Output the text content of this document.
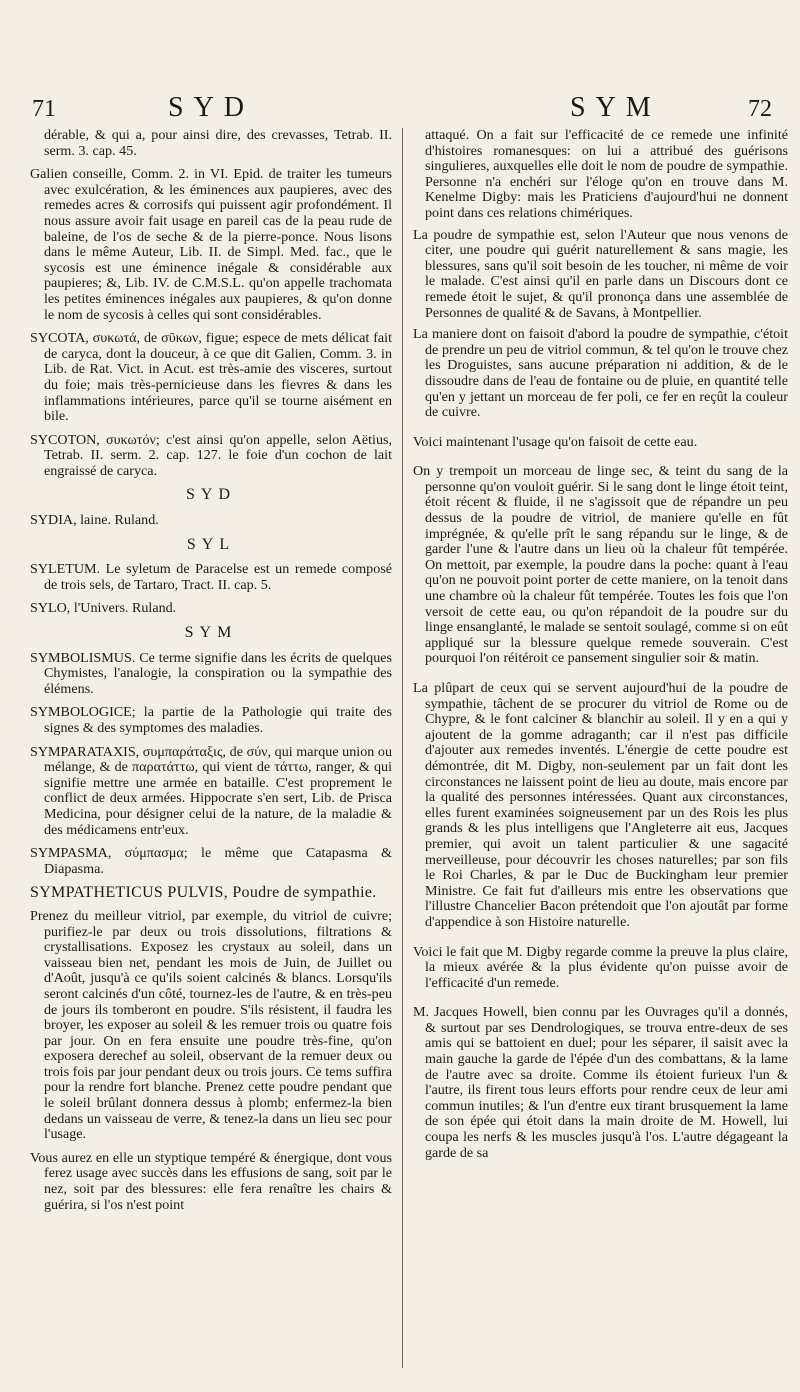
71	SYD	SYM	72

dérable, & qui a, pour ainsi dire, des crevasses, Tetrab. II. serm. 3. cap. 45.

Galien conseille, Comm. 2. in VI. Epid. de traiter les tumeurs avec exulcération, & les éminences aux paupieres, avec des remedes acres & corrosifs qui puissent agir profondément. Il nous assure avoir fait usage en pareil cas de la peau rude de baleine, de l'os de seche & de la pierre-ponce. Nous lisons dans le même Auteur, Lib. II. de Simpl. Med. fac., que le sycosis est une éminence inégale & considérable aux paupieres; &, Lib. IV. de C.M.S.L. qu'on appelle trachomata les petites éminences inégales aux paupieres, & qu'on donne le nom de sycosis à celles qui sont considérables.

SYCOTA, συκωτά, de σῦκων, figue; espece de mets délicat fait de caryca, dont la douceur, à ce que dit Galien, Comm. 3. in Lib. de Rat. Vict. in Acut. est très-amie des visceres, surtout du foie; mais très-pernicieuse dans les fievres & dans les inflammations intérieures, parce qu'il se tourne aisément en bile.

SYCOTON, συκωτόν; c'est ainsi qu'on appelle, selon Aëtius, Tetrab. II. serm. 2. cap. 127. le foie d'un cochon de lait engraissé de caryca.

SYD

SYDIA, laine. Ruland.

SYL

SYLETUM. Le syletum de Paracelse est un remede composé de trois sels, de Tartaro, Tract. II. cap. 5.

SYLO, l'Univers. Ruland.

SYM

SYMBOLISMUS. Ce terme signifie dans les écrits de quelques Chymistes, l'analogie, la conspiration ou la sympathie des élémens.

SYMBOLOGICE; la partie de la Pathologie qui traite des signes & des symptomes des maladies.

SYMPARATAXIS, συμπαράταξις, de σύν, qui marque union ou mélange, & de παρατάττω, qui vient de τάττω, ranger, & qui signifie mettre une armée en bataille. C'est proprement le conflict de deux armées. Hippocrate s'en sert, Lib. de Prisca Medicina, pour désigner celui de la nature, de la maladie & des médicamens entr'eux.

SYMPASMA, σύμπασμα; le même que Catapasma & Diapasma.

SYMPATHETICUS PULVIS, Poudre de sympathie.

Prenez du meilleur vitriol, par exemple, du vitriol de cuivre; purifiez-le par deux ou trois dissolutions, filtrations & crystallisations. Exposez les crystaux au soleil, dans un vaisseau bien net, pendant les mois de Juin, de Juillet ou d'Août, jusqu'à ce qu'ils soient calcinés & blancs. Lorsqu'ils seront calcinés d'un côté, tournez-les de l'autre, & en très-peu de jours ils tomberont en poudre. S'ils résistent, il faudra les broyer, les exposer au soleil & les remuer trois ou quatre fois par jour. On en fera ensuite une poudre très-fine, qu'on exposera derechef au soleil, observant de la remuer deux ou trois fois par jour pendant deux ou trois jours. Ce tems suffira pour la rendre fort blanche. Prenez cette poudre pendant que le soleil brûlant donnera dessus à plomb; enfermez-la bien dedans un vaisseau de verre, & tenez-la dans un lieu sec pour l'usage.

Vous aurez en elle un styptique tempéré & énergique, dont vous ferez usage avec succès dans les effusions de sang, soit par le nez, soit par des blessures: elle fera renaître les chairs & guérira, si l'os n'est point

attaqué. On a fait sur l'efficacité de ce remede une infinité d'histoires romanesques: on lui a attribué des guérisons singulieres, auxquelles elle doit le nom de poudre de sympathie. Personne n'a enchéri sur l'éloge qu'on en trouve dans M. Kenelme Digby: mais les Praticiens d'aujourd'hui ne donnent point dans ces relations chimériques.

La poudre de sympathie est, selon l'Auteur que nous venons de citer, une poudre qui guérit naturellement & sans magie, les blessures, sans qu'il soit besoin de les toucher, ni même de voir le malade. C'est ainsi qu'il en parle dans un Discours dont ce remede étoit le sujet, & qu'il prononça dans une assemblée de Personnes de qualité & de Savans, à Montpellier.

La maniere dont on faisoit d'abord la poudre de sympathie, c'étoit de prendre un peu de vitriol commun, & tel qu'on le trouve chez les Droguistes, sans aucune préparation ni addition, & de le dissoudre dans de l'eau de fontaine ou de pluie, en quantité telle qu'en y jettant un morceau de fer poli, ce fer en reçût la couleur de cuivre.

Voici maintenant l'usage qu'on faisoit de cette eau.

On y trempoit un morceau de linge sec, & teint du sang de la personne qu'on vouloit guérir. Si le sang dont le linge étoit teint, étoit récent & fluide, il ne s'agissoit que de répandre un peu dessus de la poudre de vitriol, de maniere qu'elle en fût imprégnée, & qu'elle prît le sang répandu sur le linge, & de garder l'une & l'autre dans un lieu où la chaleur fût tempérée. On mettoit, par exemple, la poudre dans la poche: quant à l'eau qu'on ne pouvoit point porter de cette maniere, on la tenoit dans une chambre où la chaleur fût tempérée. Toutes les fois que l'on versoit de cette eau, ou qu'on répandoit de la poudre sur du linge ensanglanté, le malade se sentoit soulagé, comme si on eût appliqué sur la blessure quelque remede souverain. C'est pourquoi l'on réitéroit ce pansement singulier soir & matin.

La plûpart de ceux qui se servent aujourd'hui de la poudre de sympathie, tâchent de se procurer du vitriol de Rome ou de Chypre, & le font calciner & blanchir au soleil. Il y en a qui y ajoutent de la gomme adraganth; car il n'est pas difficile d'ajouter aux remedes inventés. L'énergie de cette poudre est démontrée, dit M. Digby, non-seulement par un fait dont les circonstances ne laissent point de lieu au doute, mais encore par la qualité des personnes intéressées. Quant aux circonstances, elles furent examinées soigneusement par un des Rois les plus grands & les plus intelligens que l'Angleterre ait eus, Jacques premier, qui avoit un talent particulier & une sagacité merveilleuse, pour découvrir les choses naturelles; par son fils le Roi Charles, & par le Duc de Buckingham leur premier Ministre. Ce fait fut d'ailleurs mis entre les observations que l'illustre Chancelier Bacon prétendoit que l'on ajoutât par forme d'appendice à son Histoire naturelle.

Voici le fait que M. Digby regarde comme la preuve la plus claire, la mieux avérée & la plus évidente qu'on puisse avoir de l'efficacité d'un remede.

M. Jacques Howell, bien connu par les Ouvrages qu'il a donnés, & surtout par ses Dendrologiques, se trouva entre-deux de ses amis qui se battoient en duel; pour les séparer, il saisit avec la main gauche la garde de l'épée d'un des combattans, & la lame de l'autre avec sa droite. Comme ils étoient furieux l'un & l'autre, ils firent tous leurs efforts pour rendre ceux de leur ami commun inutiles; & l'un d'entre eux tirant brusquement la lame de son épée qui étoit dans la main droite de M. Howell, lui coupa les nerfs & les muscles jusqu'à l'os. L'autre dégageant la garde de sa
